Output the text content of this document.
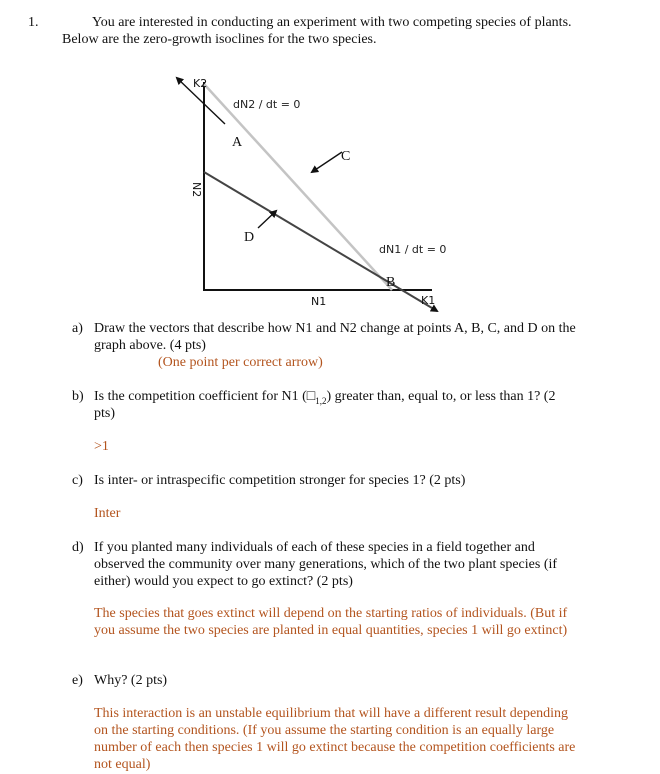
1.	You are interested in conducting an experiment with two competing species of plants.
Below are the zero-growth isoclines for the two species.
K2
K1
dN2 / dt = 0
dN1 / dt = 0
N1
N2
A
B
C
D
a) Draw the vectors that describe how N1 and N2 change at points A, B, C, and D on the
graph above. (4 pts)
(One point per correct arrow)
b) Is the competition coefficient for N1 $(□_{1,2})$ greater than, equal to, or less than 1? (2
pts)
>1
c) Is inter- or intraspecific competition stronger for species 1? (2 pts)
Inter
d) If you planted many individuals of each of these species in a field together and
observed the community over many generations, which of the two plant species (if
either) would you expect to go extinct? (2 pts)
The species that goes extinct will depend on the starting ratios of individuals. (But if
you assume the two species are planted in equal quantities, species 1 will go extinct)
e) Why? (2 pts)
This interaction is an unstable equilibrium that will have a different result depending
on the starting conditions. (If you assume the starting condition is an equally large
number of each then species 1 will go extinct because the competition coefficients are
not equal)
